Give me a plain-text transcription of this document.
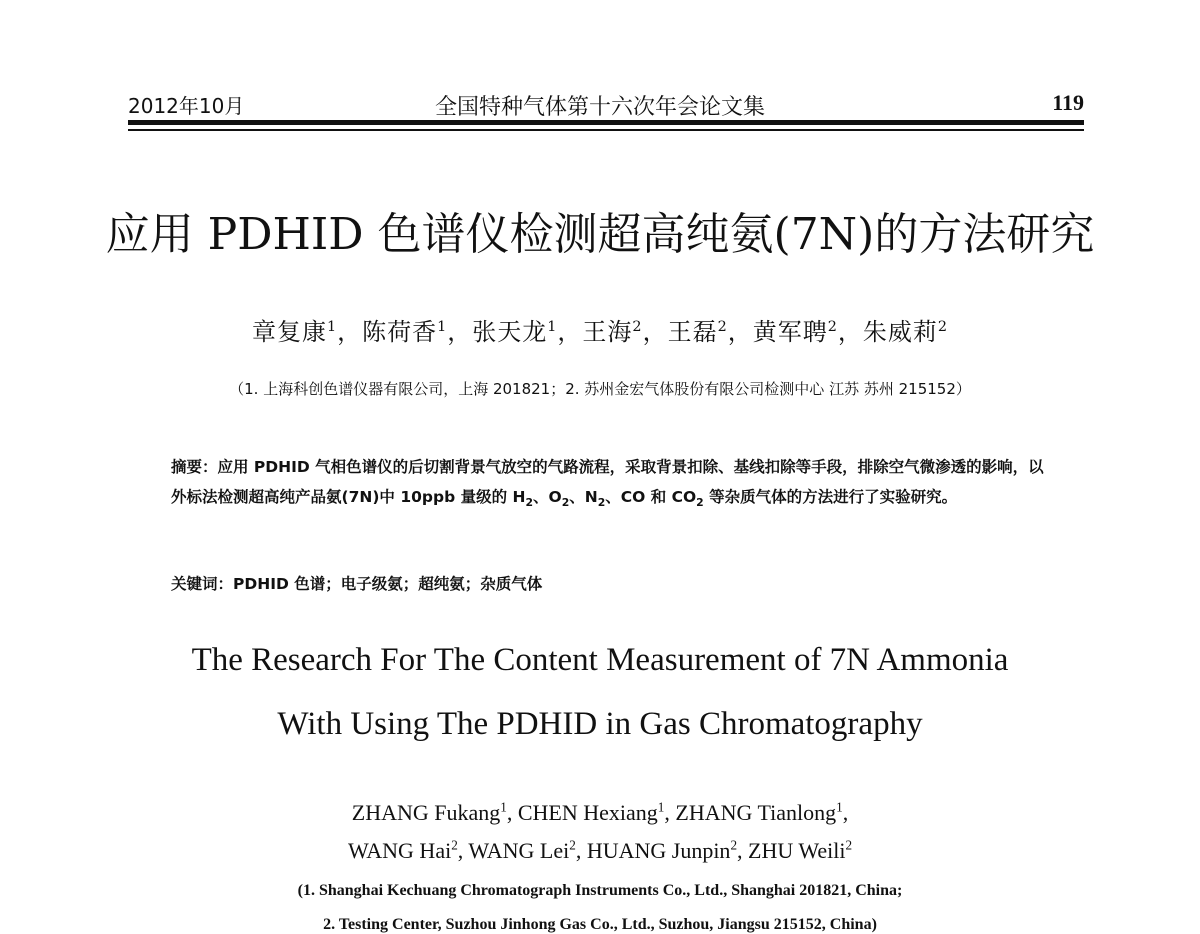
2012年10月	全国特种气体第十六次年会论文集	119
应用 PDHID 色谱仪检测超高纯氨(7N)的方法研究
章复康$^1$，陈荷香$^1$，张天龙$^1$，王海$^2$，王磊$^2$，黄军聘$^2$，朱威莉$^2$
（1. 上海科创色谱仪器有限公司，上海 201821；2. 苏州金宏气体股份有限公司检测中心 江苏 苏州 215152）
摘要：应用 PDHID 气相色谱仪的后切割背景气放空的气路流程，采取背景扣除、基线扣除等手段，排除空气微渗透的影响，以外标法检测超高纯产品氨(7N)中 10ppb 量级的 $H_2$、$O_2$、$N_2$、CO 和 $CO_2$ 等杂质气体的方法进行了实验研究。
关键词：PDHID 色谱；电子级氨；超纯氨；杂质气体
The Research For The Content Measurement of 7N Ammonia
With Using The PDHID in Gas Chromatography
ZHANG Fukang$^1$, CHEN Hexiang$^1$, ZHANG Tianlong$^1$,
WANG Hai$^2$, WANG Lei$^2$, HUANG Junpin$^2$, ZHU Weili$^2$
(1. Shanghai Kechuang Chromatograph Instruments Co., Ltd., Shanghai 201821, China;
2. Testing Center, Suzhou Jinhong Gas Co., Ltd., Suzhou, Jiangsu 215152, China)
